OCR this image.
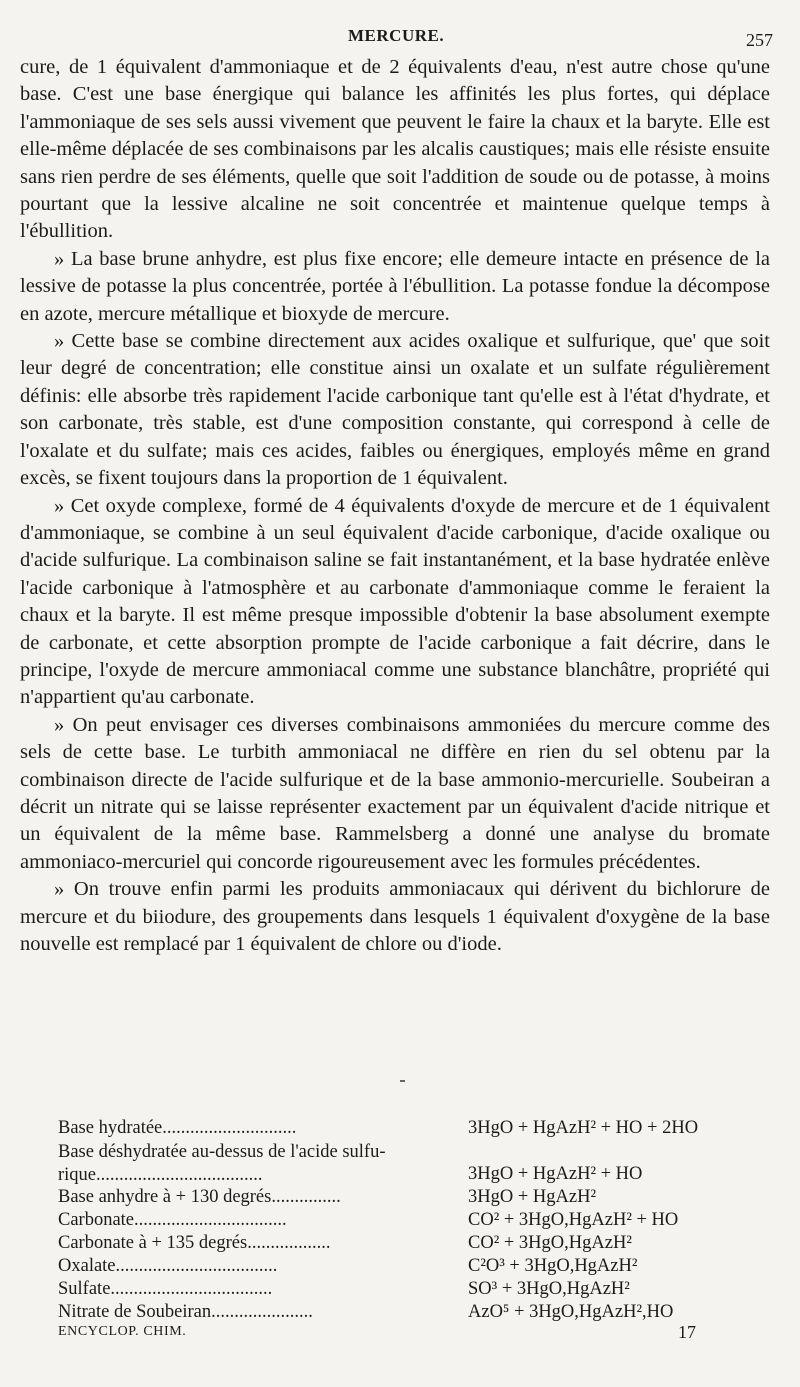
MERCURE.	257

cure, de 1 équivalent d'ammoniaque et de 2 équivalents d'eau, n'est autre chose qu'une base. C'est une base énergique qui balance les affinités les plus fortes, qui déplace l'ammoniaque de ses sels aussi vivement que peuvent le faire la chaux et la baryte. Elle est elle-même déplacée de ses combinaisons par les alcalis caustiques; mais elle résiste ensuite sans rien perdre de ses éléments, quelle que soit l'addition de soude ou de potasse, à moins pourtant que la lessive alcaline ne soit concentrée et maintenue quelque temps à l'ébullition.

» La base brune anhydre, est plus fixe encore; elle demeure intacte en présence de la lessive de potasse la plus concentrée, portée à l'ébullition. La potasse fondue la décompose en azote, mercure métallique et bioxyde de mercure.

» Cette base se combine directement aux acides oxalique et sulfurique, que' que soit leur degré de concentration; elle constitue ainsi un oxalate et un sulfate régulièrement définis: elle absorbe très rapidement l'acide carbonique tant qu'elle est à l'état d'hydrate, et son carbonate, très stable, est d'une composition constante, qui correspond à celle de l'oxalate et du sulfate; mais ces acides, faibles ou énergiques, employés même en grand excès, se fixent toujours dans la proportion de 1 équivalent.

» Cet oxyde complexe, formé de 4 équivalents d'oxyde de mercure et de 1 équivalent d'ammoniaque, se combine à un seul équivalent d'acide carbonique, d'acide oxalique ou d'acide sulfurique. La combinaison saline se fait instantanément, et la base hydratée enlève l'acide carbonique à l'atmosphère et au carbonate d'ammoniaque comme le feraient la chaux et la baryte. Il est même presque impossible d'obtenir la base absolument exempte de carbonate, et cette absorption prompte de l'acide carbonique a fait décrire, dans le principe, l'oxyde de mercure ammoniacal comme une substance blanchâtre, propriété qui n'appartient qu'au carbonate.

» On peut envisager ces diverses combinaisons ammoniées du mercure comme des sels de cette base. Le turbith ammoniacal ne diffère en rien du sel obtenu par la combinaison directe de l'acide sulfurique et de la base ammonio-mercurielle. Soubeiran a décrit un nitrate qui se laisse représenter exactement par un équivalent d'acide nitrique et un équivalent de la même base. Rammelsberg a donné une analyse du bromate ammoniaco-mercuriel qui concorde rigoureusement avec les formules précédentes.

» On trouve enfin parmi les produits ammoniacaux qui dérivent du bichlorure de mercure et du biiodure, des groupements dans lesquels 1 équivalent d'oxygène de la base nouvelle est remplacé par 1 équivalent de chlore ou d'iode.

Base hydratée.............................	3HgO + HgAzH² + HO + 2HO
Base déshydratée au-dessus de l'acide sulfurique....................................	3HgO + HgAzH² + HO
Base anhydre à + 130 degrés...............	3HgO + HgAzH²
Carbonate.................................	CO² + 3HgO,HgAzH² + HO
Carbonate à + 135 degrés..................	CO² + 3HgO,HgAzH²
Oxalate...................................	C²O³ + 3HgO,HgAzH²
Sulfate...................................	SO³ + 3HgO,HgAzH²
Nitrate de Soubeiran......................	AzO⁵ + 3HgO,HgAzH²,HO
ENCYCLOP. CHIM.	17
